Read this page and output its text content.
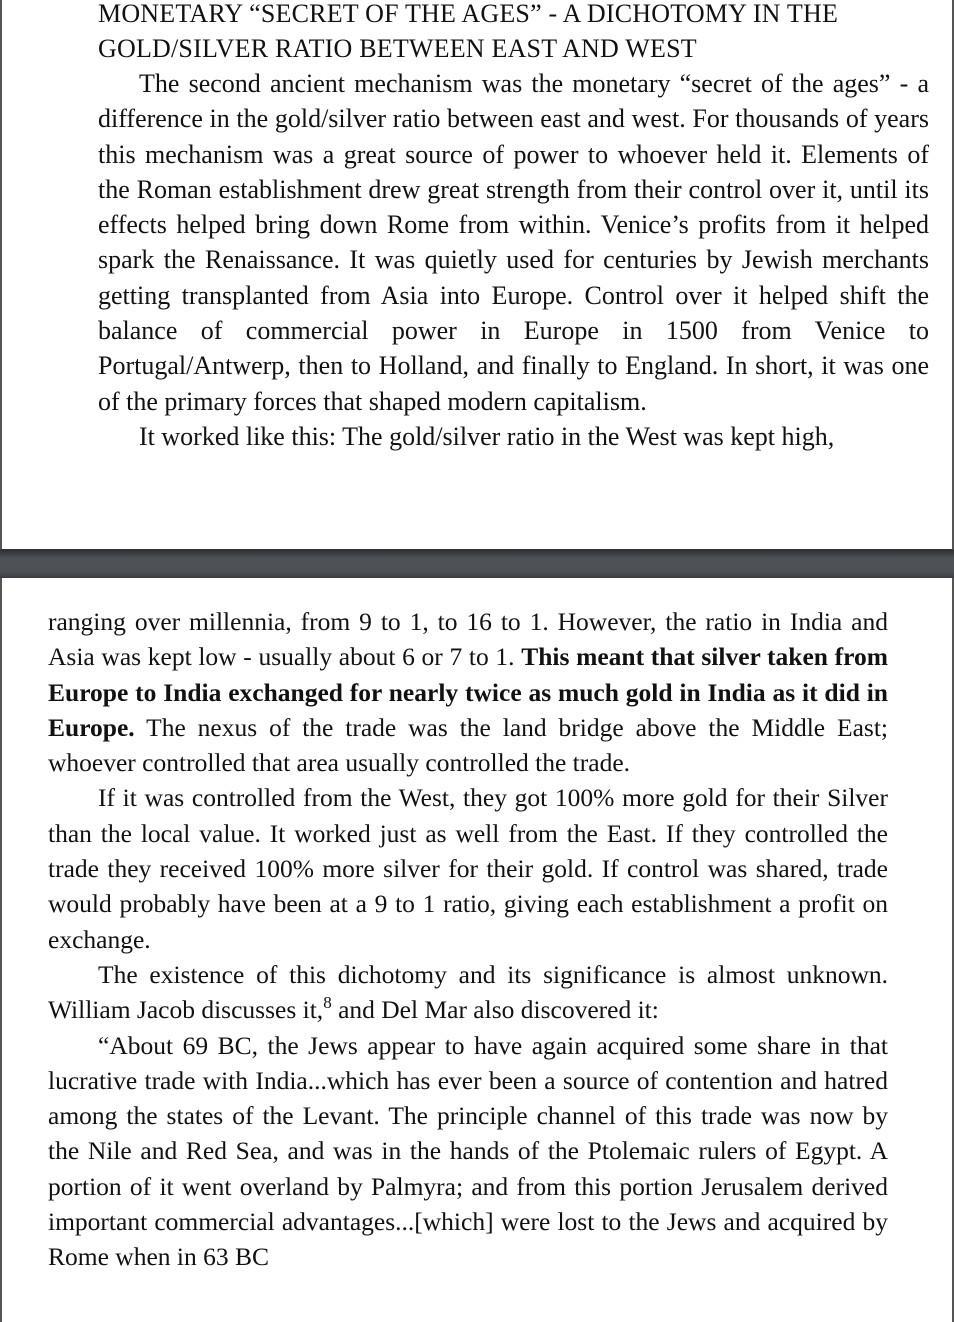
MONETARY “SECRET OF THE AGES” - A DICHOTOMY IN THE

GOLD/SILVER RATIO BETWEEN EAST AND WEST

The second ancient mechanism was the monetary “secret of the ages” - a difference in the gold/silver ratio between east and west. For thousands of years this mechanism was a great source of power to whoever held it. Elements of the Roman establishment drew great strength from their control over it, until its effects helped bring down Rome from within. Venice’s profits from it helped spark the Renaissance. It was quietly used for centuries by Jewish merchants getting transplanted from Asia into Europe. Control over it helped shift the balance of commercial power in Europe in 1500 from Venice to Portugal/Antwerp, then to Holland, and finally to England. In short, it was one of the primary forces that shaped modern capitalism.

It worked like this: The gold/silver ratio in the West was kept high,

ranging over millennia, from 9 to 1, to 16 to 1. However, the ratio in India and Asia was kept low - usually about 6 or 7 to 1. This meant that silver taken from Europe to India exchanged for nearly twice as much gold in India as it did in Europe. The nexus of the trade was the land bridge above the Middle East; whoever controlled that area usually controlled the trade.

If it was controlled from the West, they got 100% more gold for their Silver than the local value. It worked just as well from the East. If they controlled the trade they received 100% more silver for their gold. If control was shared, trade would probably have been at a 9 to 1 ratio, giving each establishment a profit on exchange.

The existence of this dichotomy and its significance is almost unknown. William Jacob discusses it,$^8$ and Del Mar also discovered it:

“About 69 BC, the Jews appear to have again acquired some share in that lucrative trade with India...which has ever been a source of contention and hatred among the states of the Levant. The principle channel of this trade was now by the Nile and Red Sea, and was in the hands of the Ptolemaic rulers of Egypt. A portion of it went overland by Palmyra; and from this portion Jerusalem derived important commercial advantages...[which] were lost to the Jews and acquired by Rome when in 63 BC
